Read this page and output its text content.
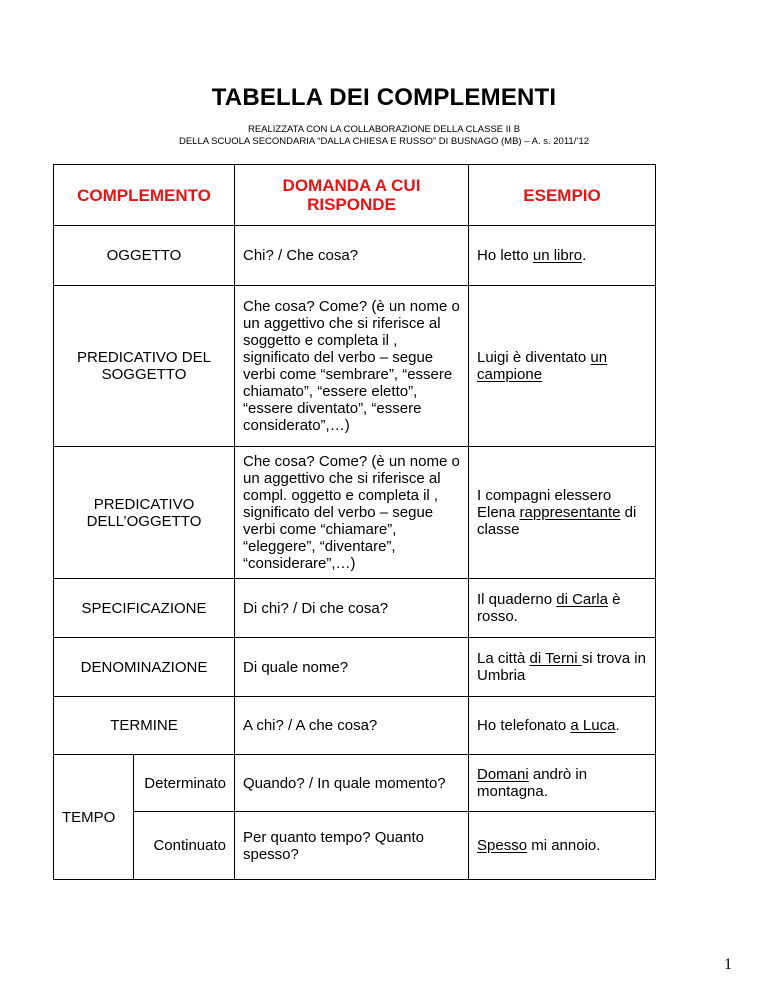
TABELLA DEI COMPLEMENTI
REALIZZATA CON LA COLLABORAZIONE DELLA CLASSE II B
DELLA SCUOLA SECONDARIA “DALLA CHIESA E RUSSO” DI BUSNAGO (MB) – A. s. 2011/’12
COMPLEMENTO		DOMANDA A CUI RISPONDE	ESEMPIO
OGGETTO		Chi? / Che cosa?	Ho letto un libro.
PREDICATIVO DEL SOGGETTO		Che cosa? Come? (è un nome o un aggettivo che si riferisce al soggetto e completa il , significato del verbo – segue verbi come “sembrare”, “essere chiamato”, “essere eletto”, “essere diventato”, “essere considerato”,…)	Luigi è diventato un campione
PREDICATIVO DELL’OGGETTO		Che cosa? Come? (è un nome o un aggettivo che si riferisce al compl. oggetto e completa il , significato del verbo – segue verbi come “chiamare”, “eleggere”, “diventare”, “considerare”,…)	I compagni elessero Elena rappresentante di classe
SPECIFICAZIONE		Di chi? / Di che cosa?	Il quaderno di Carla è rosso.
DENOMINAZIONE		Di quale nome?	La città di Terni si trova in Umbria
TERMINE		A chi? / A che cosa?	Ho telefonato a Luca.
TEMPO	Determinato	Quando? / In quale momento?	Domani andrò in montagna.
	Continuato	Per quanto tempo? Quanto spesso?	Spesso mi annoio.
1
